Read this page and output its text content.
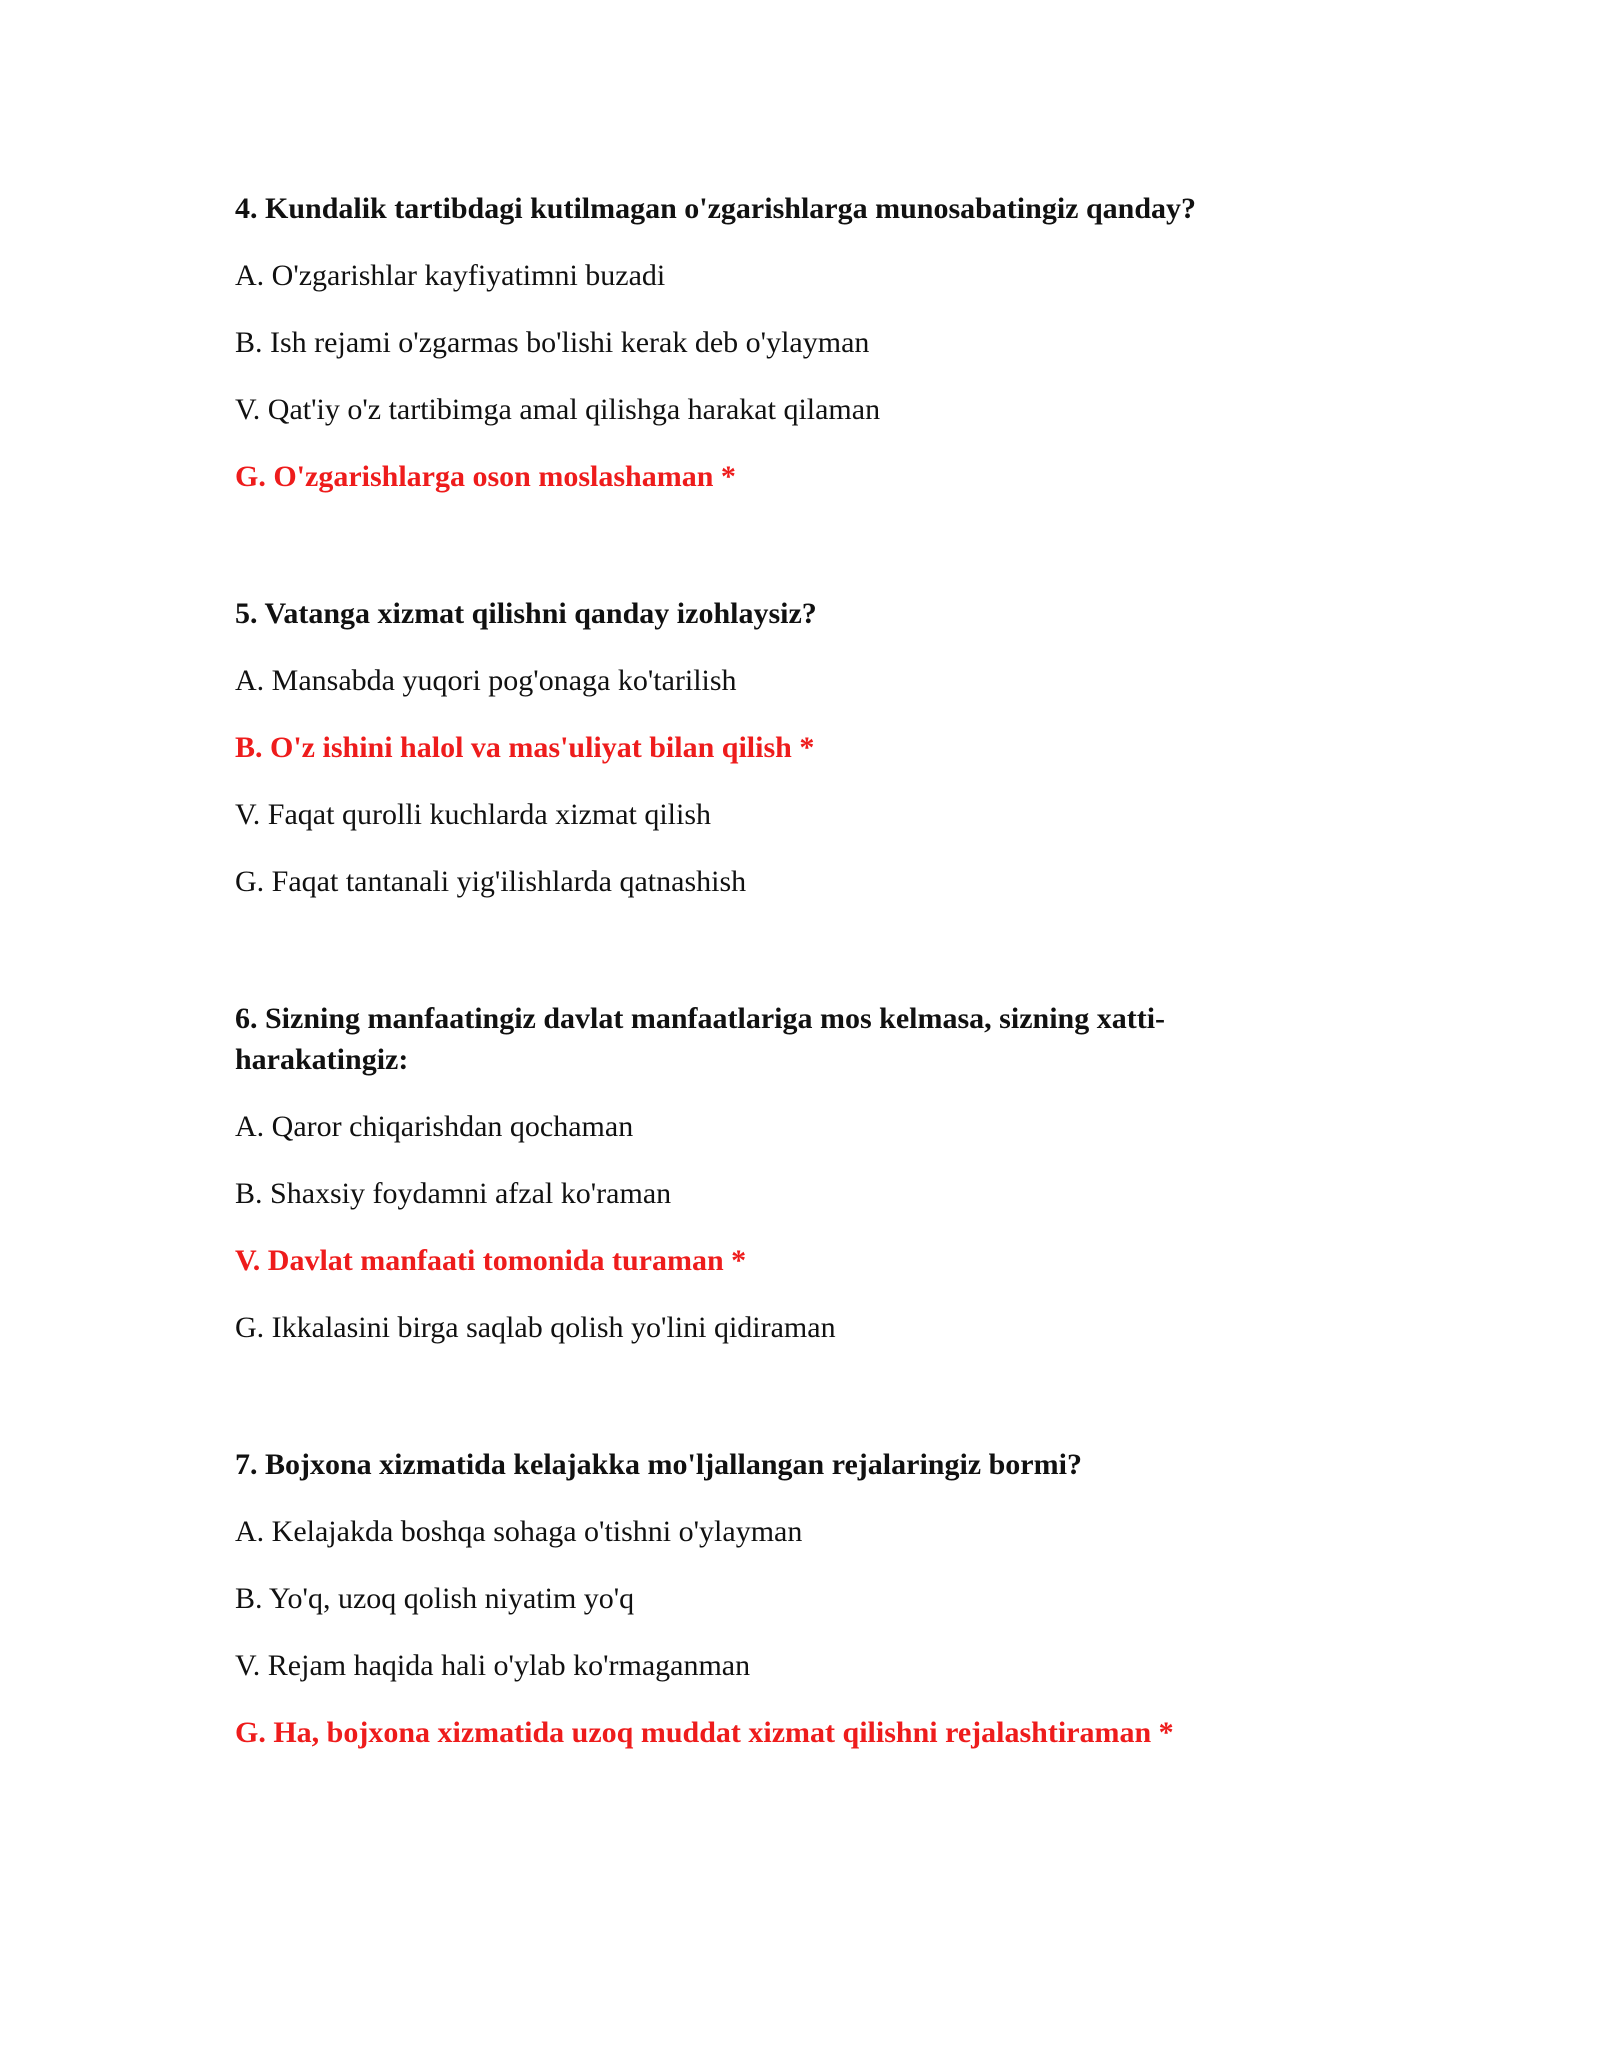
4. Kundalik tartibdagi kutilmagan o'zgarishlarga munosabatingiz qanday?
A. O'zgarishlar kayfiyatimni buzadi
B. Ish rejami o'zgarmas bo'lishi kerak deb o'ylayman
V. Qat'iy o'z tartibimga amal qilishga harakat qilaman
G. O'zgarishlarga oson moslashaman *
5. Vatanga xizmat qilishni qanday izohlaysiz?
A. Mansabda yuqori pog'onaga ko'tarilish
B. O'z ishini halol va mas'uliyat bilan qilish *
V. Faqat qurolli kuchlarda xizmat qilish
G. Faqat tantanali yig'ilishlarda qatnashish
6. Sizning manfaatingiz davlat manfaatlariga mos kelmasa, sizning xatti-harakatingiz:
A. Qaror chiqarishdan qochaman
B. Shaxsiy foydamni afzal ko'raman
V. Davlat manfaati tomonida turaman *
G. Ikkalasini birga saqlab qolish yo'lini qidiraman
7. Bojxona xizmatida kelajakka mo'ljallangan rejalaringiz bormi?
A. Kelajakda boshqa sohaga o'tishni o'ylayman
B. Yo'q, uzoq qolish niyatim yo'q
V. Rejam haqida hali o'ylab ko'rmaganman
G. Ha, bojxona xizmatida uzoq muddat xizmat qilishni rejalashtiraman *
